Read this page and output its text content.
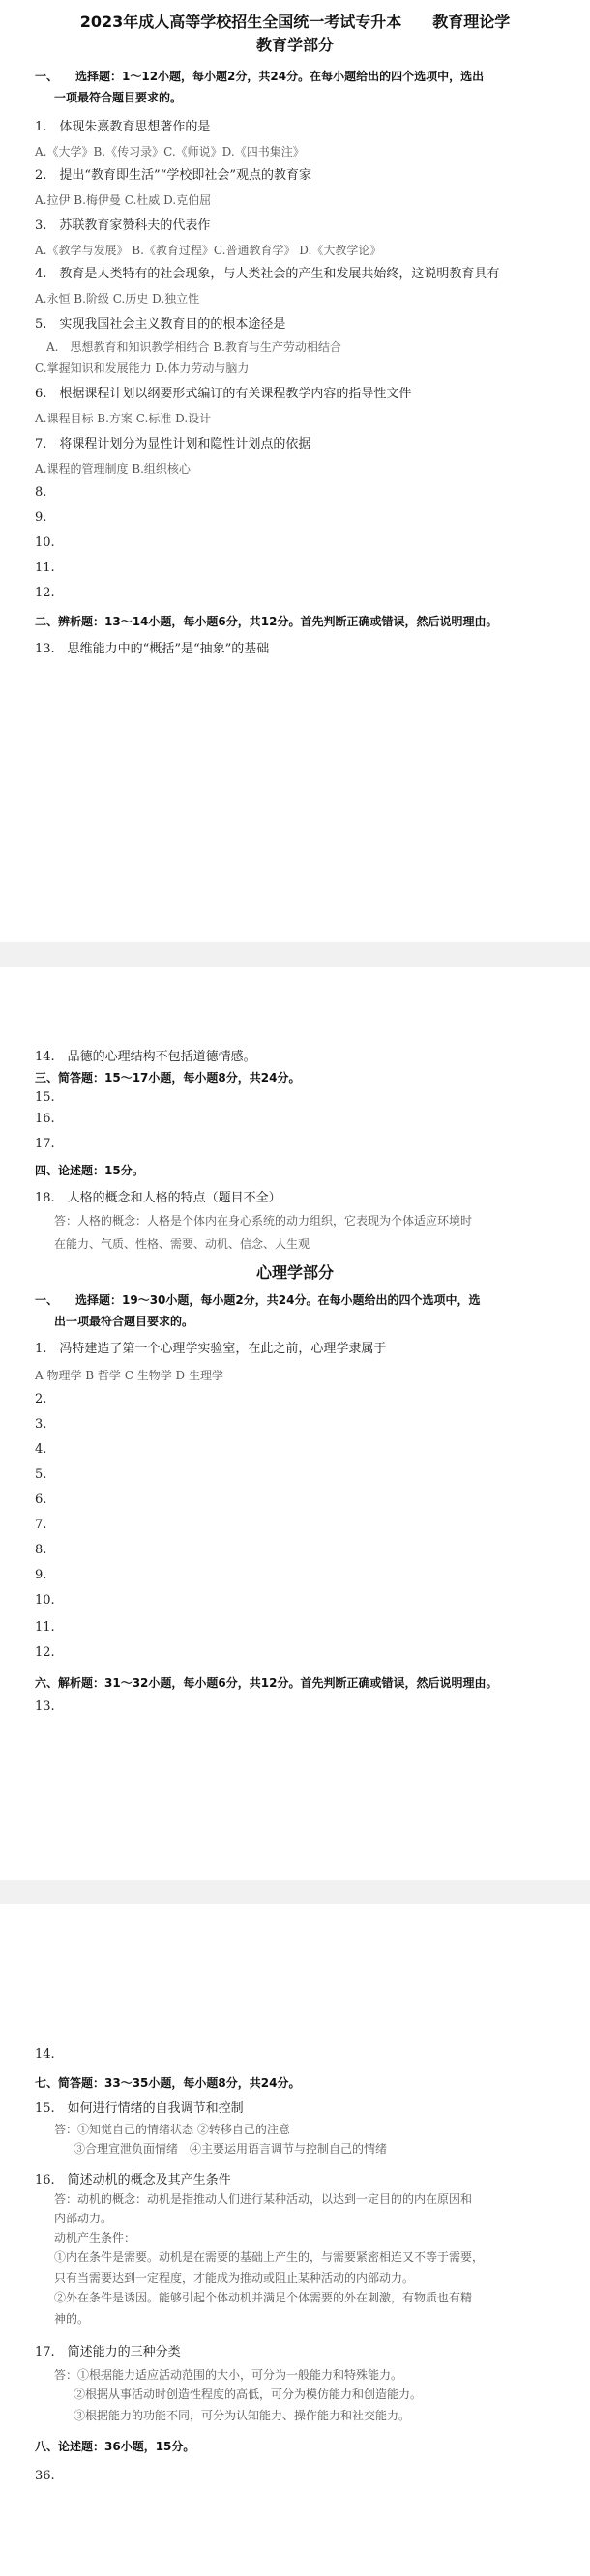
2023年成人高等学校招生全国统一考试专升本　　教育理论学
教育学部分
一、　　选择题：1～12小题，每小题2分，共24分。在每小题给出的四个选项中，选出
一项最符合题目要求的。
1.　体现朱熹教育思想著作的是
A.《大学》B.《传习录》C.《师说》D.《四书集注》
2.　提出“教育即生活”“学校即社会”观点的教育家
A.拉伊 B.梅伊曼 C.杜威 D.克伯屈
3.　苏联教育家赞科夫的代表作
A.《教学与发展》 B.《教育过程》C.普通教育学》 D.《大教学论》
4.　教育是人类特有的社会现象，与人类社会的产生和发展共始终，这说明教育具有
A.永恒 B.阶级 C.历史 D.独立性
5.　实现我国社会主义教育目的的根本途径是
　A.　思想教育和知识教学相结合 B.教育与生产劳动相结合
C.掌握知识和发展能力 D.体力劳动与脑力
6.　根据课程计划以纲要形式编订的有关课程教学内容的指导性文件
A.课程目标 B.方案 C.标准 D.设计
7.　将课程计划分为显性计划和隐性计划点的依据
A.课程的管理制度 B.组织核心
8.
9.
10.
11.
12.
二、辨析题：13～14小题，每小题6分，共12分。首先判断正确或错误，然后说明理由。
13.　思维能力中的“概括”是“抽象”的基础
14.　品德的心理结构不包括道德情感。
三、简答题：15～17小题，每小题8分，共24分。
15.
16.
17.
四、论述题：15分。
18.　人格的概念和人格的特点（题目不全）
答：人格的概念：人格是个体内在身心系统的动力组织，它表现为个体适应环境时
在能力、气质、性格、需要、动机、信念、人生观
心理学部分
一、　　选择题：19～30小题，每小题2分，共24分。在每小题给出的四个选项中，选
出一项最符合题目要求的。
1.　冯特建造了第一个心理学实验室，在此之前，心理学隶属于
A 物理学 B 哲学 C 生物学 D 生理学
2.
3.
4.
5.
6.
7.
8.
9.
10.
11.
12.
六、解析题：31～32小题，每小题6分，共12分。首先判断正确或错误，然后说明理由。
13.
14.
七、简答题：33～35小题，每小题8分，共24分。
15.　如何进行情绪的自我调节和控制
答：①知觉自己的情绪状态 ②转移自己的注意
③合理宣泄负面情绪　④主要运用语言调节与控制自己的情绪
16.　简述动机的概念及其产生条件
答：动机的概念：动机是指推动人们进行某种活动，以达到一定目的的内在原因和
内部动力。
动机产生条件：
①内在条件是需要。动机是在需要的基础上产生的，与需要紧密相连又不等于需要，
只有当需要达到一定程度，才能成为推动或阻止某种活动的内部动力。
②外在条件是诱因。能够引起个体动机并满足个体需要的外在刺激，有物质也有精
神的。
17.　简述能力的三种分类
答：①根据能力适应活动范围的大小，可分为一般能力和特殊能力。
②根据从事活动时创造性程度的高低，可分为模仿能力和创造能力。
③根据能力的功能不同，可分为认知能力、操作能力和社交能力。
八、论述题：36小题，15分。
36.
